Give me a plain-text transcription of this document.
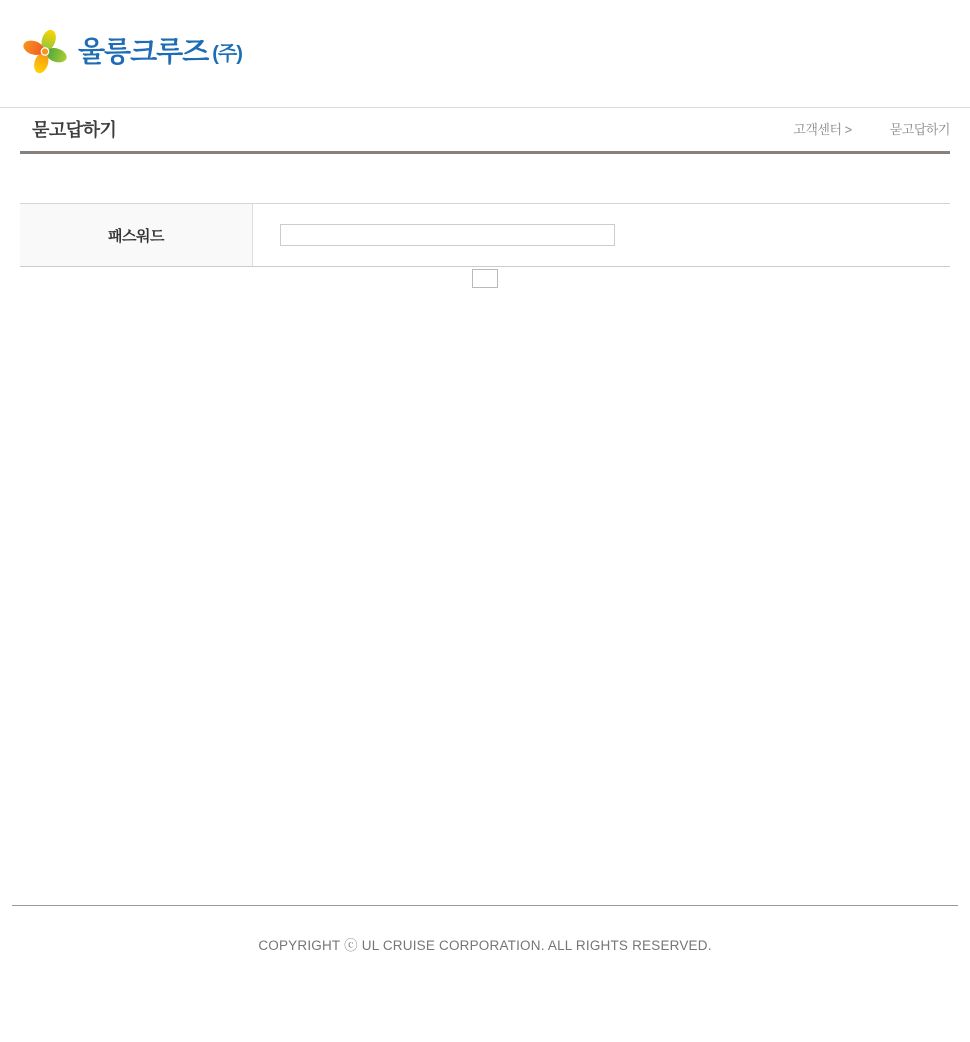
울릉크루즈 (주)
묻고답하기	고객센터 >	묻고답하기
패스워드
COPYRIGHT ⓒ UL CRUISE CORPORATION. ALL RIGHTS RESERVED.
